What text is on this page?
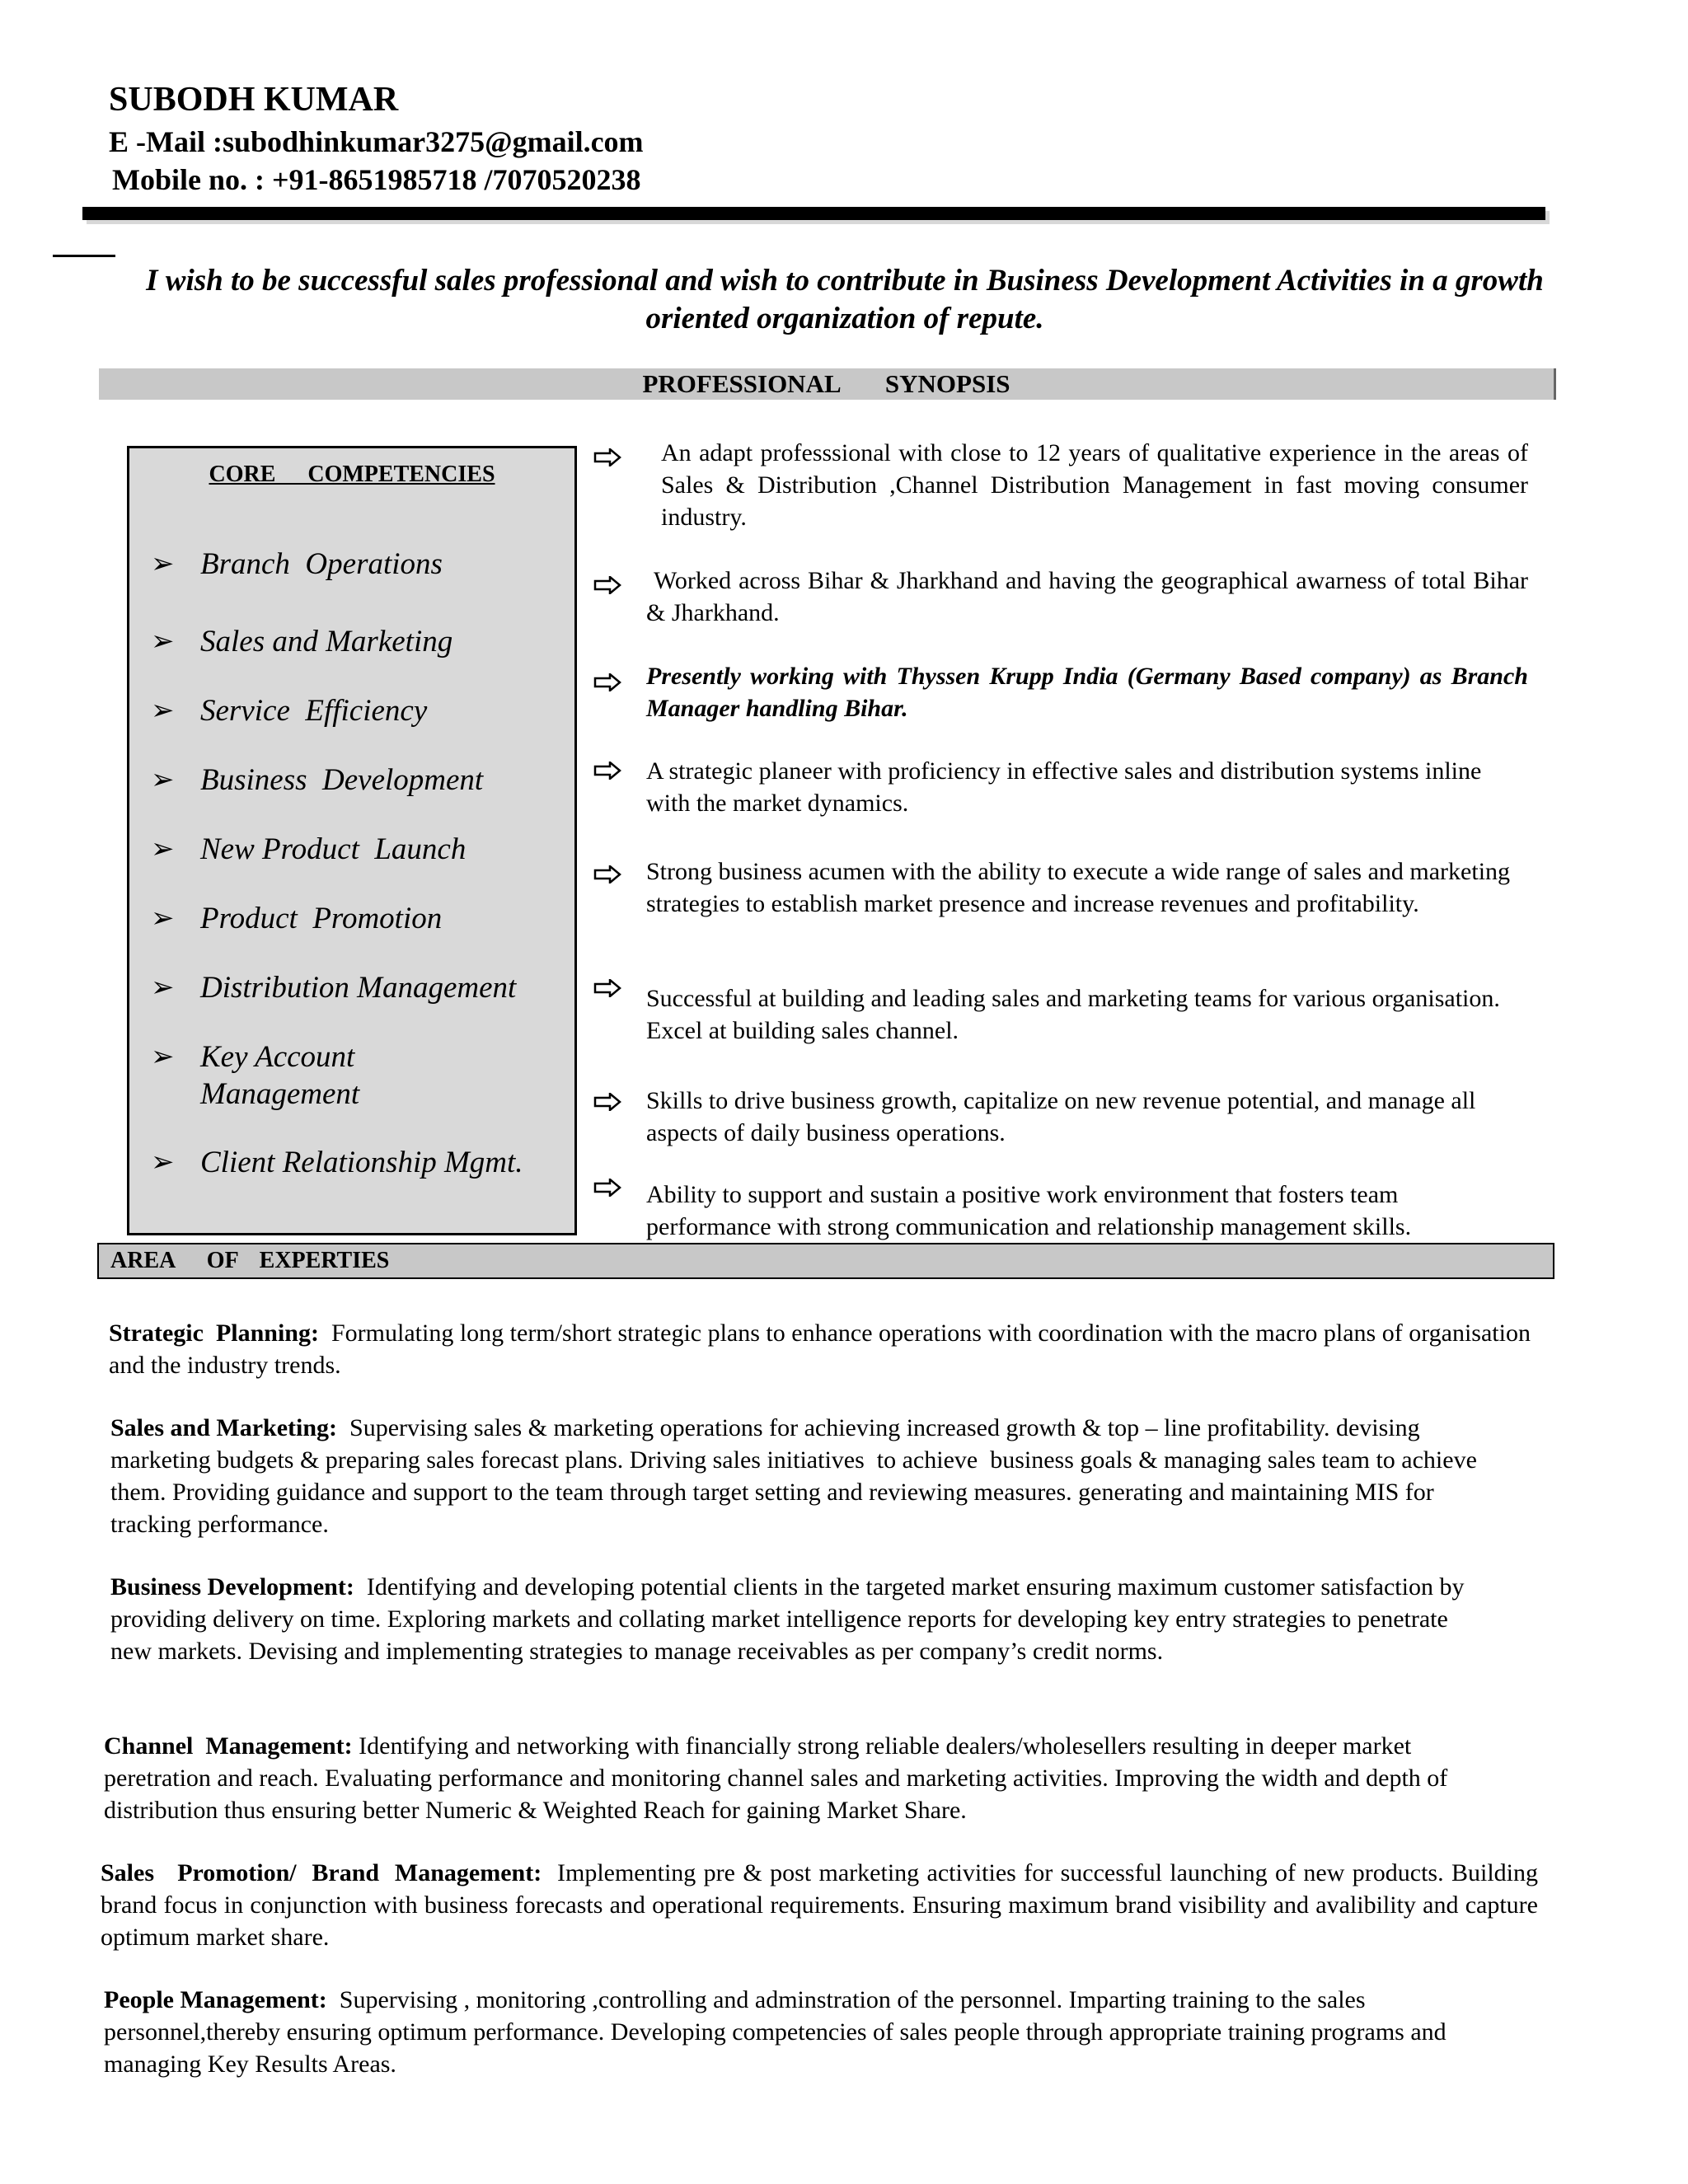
SUBODH KUMAR
E -Mail :subodhinkumar3275@gmail.com
Mobile no. : +91-8651985718 /7070520238
I wish to be successful sales professional and wish to contribute in Business Development Activities in a growth oriented organization of repute.
PROFESSIONAL    SYNOPSIS
CORE   COMPETENCIES
➢ Branch  Operations
➢ Sales and Marketing
➢ Service  Efficiency
➢ Business  Development
➢ New Product  Launch
➢ Product  Promotion
➢ Distribution Management
➢ Key Account Management
➢ Client Relationship Mgmt.
An adapt professsional with close to 12 years of qualitative experience in the areas of Sales & Distribution ,Channel Distribution Management in fast moving consumer industry.
Worked across Bihar & Jharkhand and having the geographical awarness of total Bihar & Jharkhand.
Presently working with Thyssen Krupp India (Germany Based company) as Branch Manager handling Bihar.
A strategic planeer with proficiency in effective sales and distribution systems inline with the market dynamics.
Strong business acumen with the ability to execute a wide range of sales and marketing strategies to establish market presence and increase revenues and profitability.
Successful at building and leading sales and marketing teams for various organisation. Excel at building sales channel.
Skills to drive business growth, capitalize on new revenue potential, and manage all aspects of daily business operations.
Ability to support and sustain a positive work environment that fosters team performance with strong communication and relationship management skills.
AREA   OF  EXPERTIES
Strategic  Planning:  Formulating long term/short strategic plans to enhance operations with coordination with the macro plans of organisation and the industry trends.
Sales and Marketing:  Supervising sales & marketing operations for achieving increased growth & top – line profitability. devising marketing budgets & preparing sales forecast plans. Driving sales initiatives  to achieve  business goals & managing sales team to achieve them. Providing guidance and support to the team through target setting and reviewing measures. generating and maintaining MIS for tracking performance.
Business Development:  Identifying and developing potential clients in the targeted market ensuring maximum customer satisfaction by providing delivery on time. Exploring markets and collating market intelligence reports for developing key entry strategies to penetrate new markets. Devising and implementing strategies to manage receivables as per company’s credit norms.
Channel  Management: Identifying and networking with financially strong reliable dealers/wholesellers resulting in deeper market peretration and reach. Evaluating performance and monitoring channel sales and marketing activities. Improving the width and depth of distribution thus ensuring better Numeric & Weighted Reach for gaining Market Share.
Sales   Promotion/  Brand  Management:  Implementing pre & post marketing activities for successful launching of new products. Building brand focus in conjunction with business forecasts and operational requirements. Ensuring maximum brand visibility and avalibility and capture optimum market share.
People Management:  Supervising , monitoring ,controlling and adminstration of the personnel. Imparting training to the sales personnel,thereby ensuring optimum performance. Developing competencies of sales people through appropriate training programs and managing Key Results Areas.
